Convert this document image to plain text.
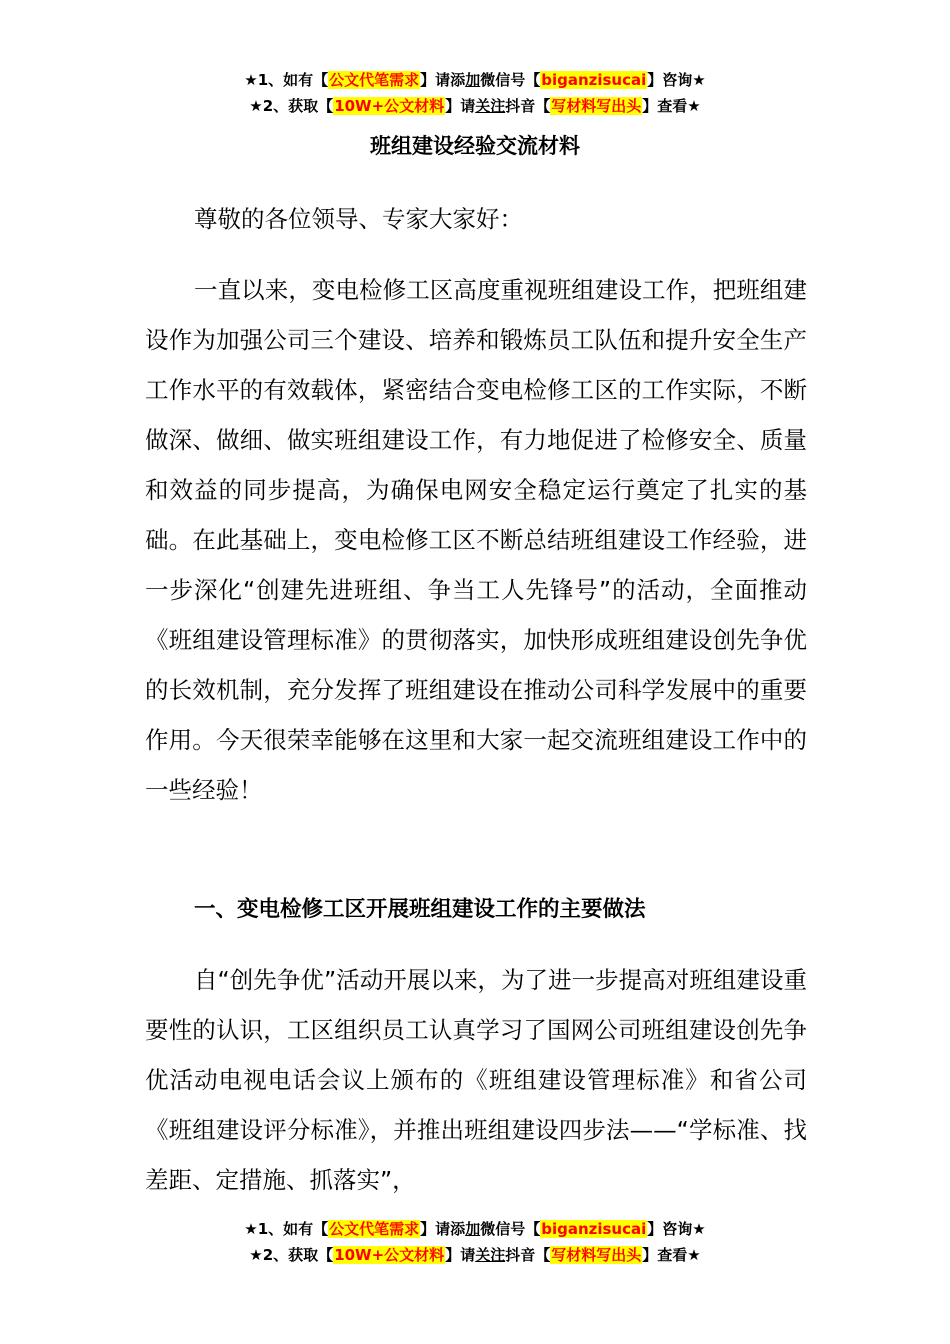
★1、如有【公文代笔需求】请添加微信号【biganzisucai】咨询★
★2、获取【10W+公文材料】请关注抖音【写材料写出头】查看★
班组建设经验交流材料
尊敬的各位领导、专家大家好：
一直以来，变电检修工区高度重视班组建设工作，把班组建设作为加强公司三个建设、培养和锻炼员工队伍和提升安全生产工作水平的有效载体，紧密结合变电检修工区的工作实际，不断做深、做细、做实班组建设工作，有力地促进了检修安全、质量和效益的同步提高，为确保电网安全稳定运行奠定了扎实的基础。在此基础上，变电检修工区不断总结班组建设工作经验，进一步深化“创建先进班组、争当工人先锋号”的活动，全面推动《班组建设管理标准》的贯彻落实，加快形成班组建设创先争优的长效机制，充分发挥了班组建设在推动公司科学发展中的重要作用。今天很荣幸能够在这里和大家一起交流班组建设工作中的一些经验！
一、变电检修工区开展班组建设工作的主要做法
自“创先争优”活动开展以来，为了进一步提高对班组建设重要性的认识，工区组织员工认真学习了国网公司班组建设创先争优活动电视电话会议上颁布的《班组建设管理标准》和省公司《班组建设评分标准》，并推出班组建设四步法——“学标准、找差距、定措施、抓落实”，
★1、如有【公文代笔需求】请添加微信号【biganzisucai】咨询★
★2、获取【10W+公文材料】请关注抖音【写材料写出头】查看★
